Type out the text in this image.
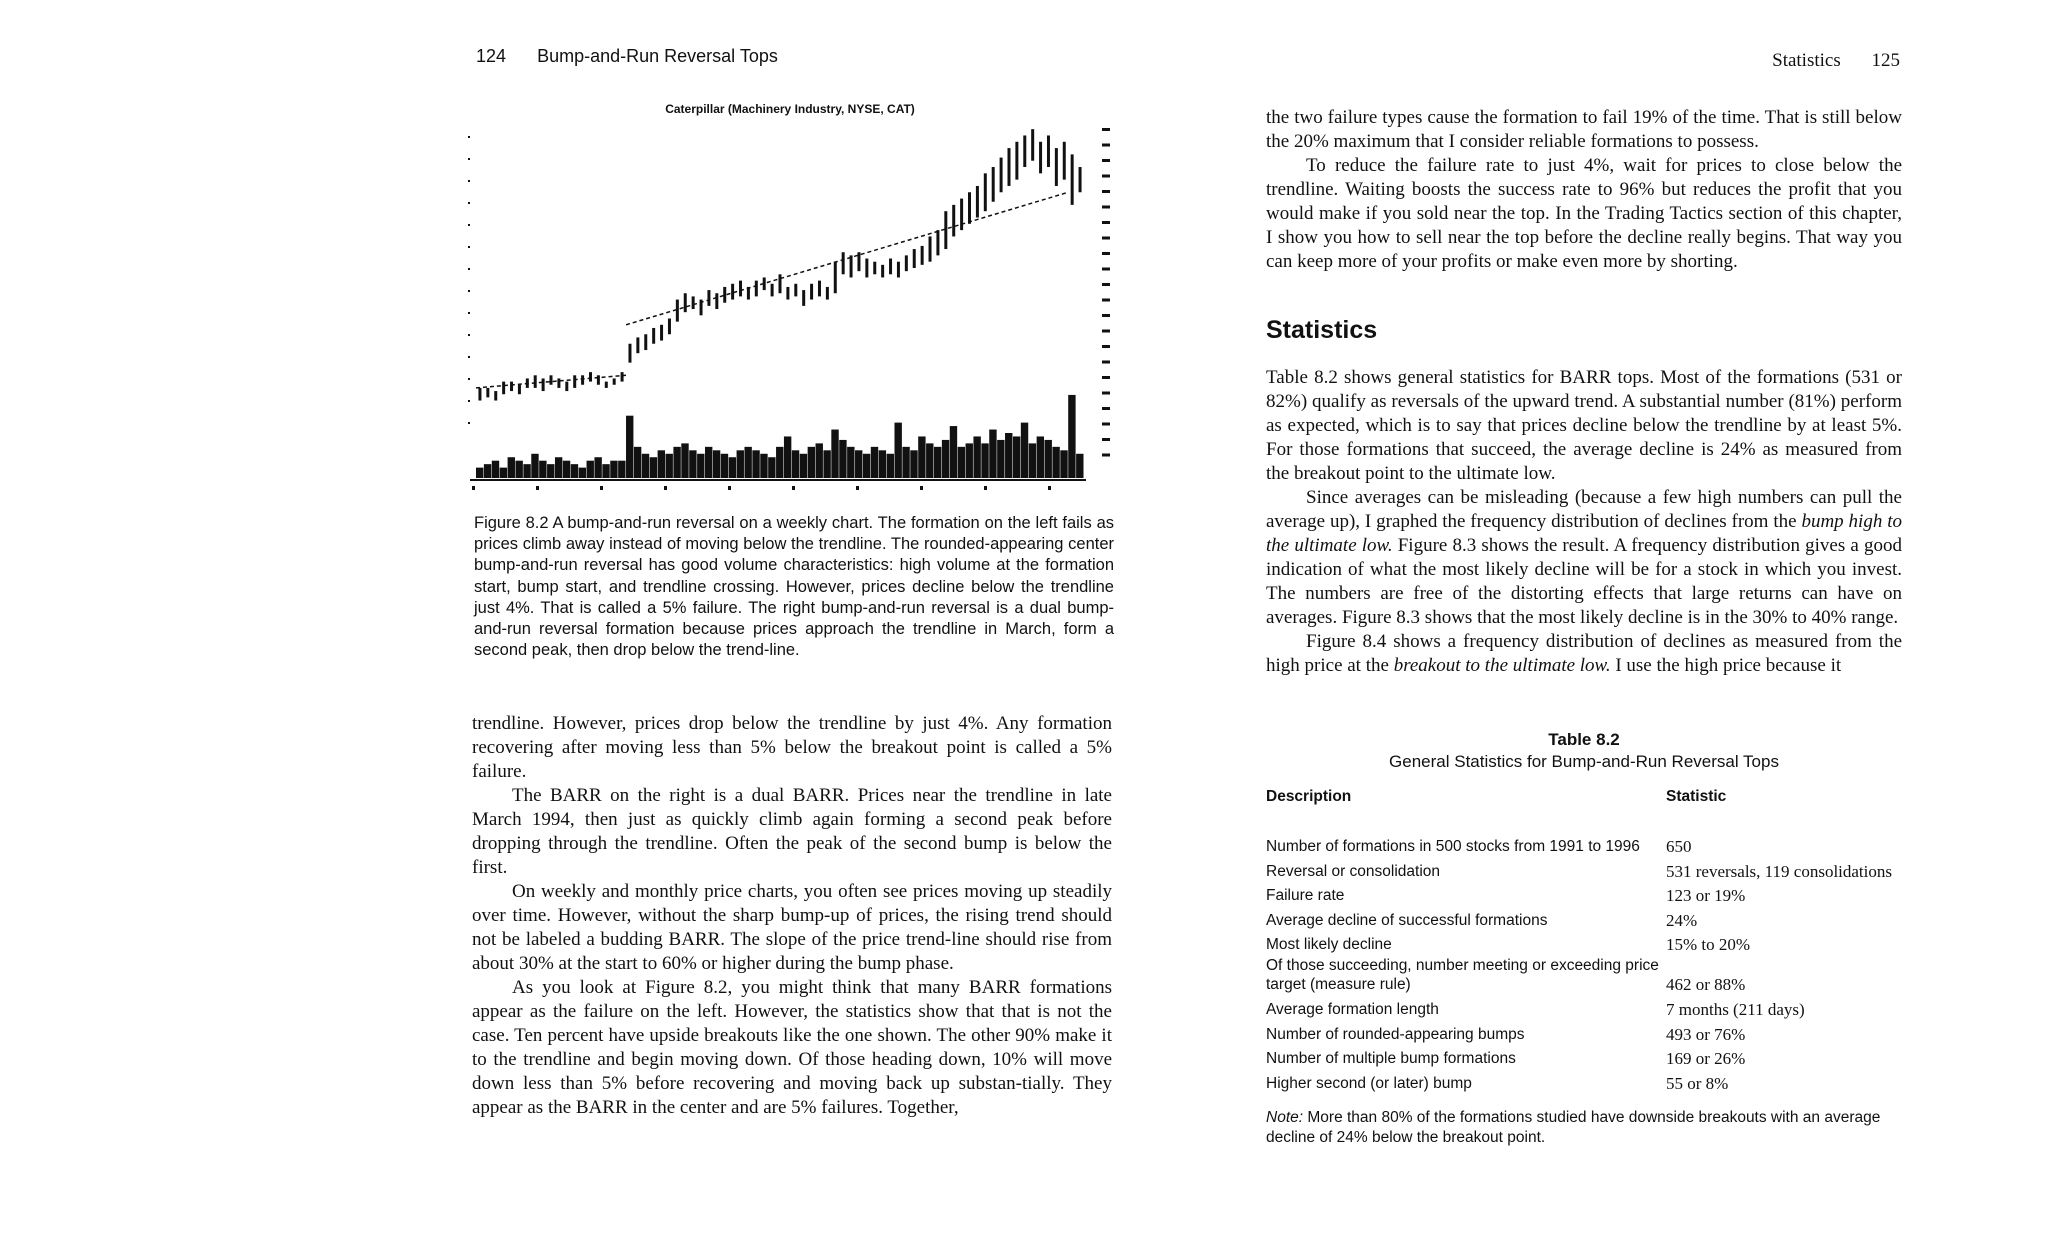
124 Bump-and-Run Reversal Tops
Caterpillar (Machinery Industry, NYSE, CAT)
Figure 8.2 A bump-and-run reversal on a weekly chart. The formation on the left fails as prices climb away instead of moving below the trendline. The rounded-appearing center bump-and-run reversal has good volume characteristics: high volume at the formation start, bump start, and trendline crossing. However, prices decline below the trendline just 4%. That is called a 5% failure. The right bump-and-run reversal is a dual bump-and-run reversal formation because prices approach the trendline in March, form a second peak, then drop below the trend-line.

trendline. However, prices drop below the trendline by just 4%. Any formation recovering after moving less than 5% below the breakout point is called a 5% failure.

The BARR on the right is a dual BARR. Prices near the trendline in late March 1994, then just as quickly climb again forming a second peak before dropping through the trendline. Often the peak of the second bump is below the first.

On weekly and monthly price charts, you often see prices moving up steadily over time. However, without the sharp bump-up of prices, the rising trend should not be labeled a budding BARR. The slope of the price trend-line should rise from about 30% at the start to 60% or higher during the bump phase.

As you look at Figure 8.2, you might think that many BARR formations appear as the failure on the left. However, the statistics show that that is not the case. Ten percent have upside breakouts like the one shown. The other 90% make it to the trendline and begin moving down. Of those heading down, 10% will move down less than 5% before recovering and moving back up substan-tially. They appear as the BARR in the center and are 5% failures. Together,

Statistics 125

the two failure types cause the formation to fail 19% of the time. That is still below the 20% maximum that I consider reliable formations to possess.

To reduce the failure rate to just 4%, wait for prices to close below the trendline. Waiting boosts the success rate to 96% but reduces the profit that you would make if you sold near the top. In the Trading Tactics section of this chapter, I show you how to sell near the top before the decline really begins. That way you can keep more of your profits or make even more by shorting.

Statistics

Table 8.2 shows general statistics for BARR tops. Most of the formations (531 or 82%) qualify as reversals of the upward trend. A substantial number (81%) perform as expected, which is to say that prices decline below the trendline by at least 5%. For those formations that succeed, the average decline is 24% as measured from the breakout point to the ultimate low.

Since averages can be misleading (because a few high numbers can pull the average up), I graphed the frequency distribution of declines from the bump high to the ultimate low. Figure 8.3 shows the result. A frequency distribution gives a good indication of what the most likely decline will be for a stock in which you invest. The numbers are free of the distorting effects that large returns can have on averages. Figure 8.3 shows that the most likely decline is in the 30% to 40% range.

Figure 8.4 shows a frequency distribution of declines as measured from the high price at the breakout to the ultimate low. I use the high price because it

Table 8.2
General Statistics for Bump-and-Run Reversal Tops
Description	Statistic
Number of formations in 500 stocks from 1991 to 1996	650
Reversal or consolidation	531 reversals, 119 consolidations
Failure rate	123 or 19%
Average decline of successful formations	24%
Most likely decline	15% to 20%
Of those succeeding, number meeting or exceeding price target (measure rule)	462 or 88%
Average formation length	7 months (211 days)
Number of rounded-appearing bumps	493 or 76%
Number of multiple bump formations	169 or 26%
Higher second (or later) bump	55 or 8%
Note: More than 80% of the formations studied have downside breakouts with an average decline of 24% below the breakout point.
